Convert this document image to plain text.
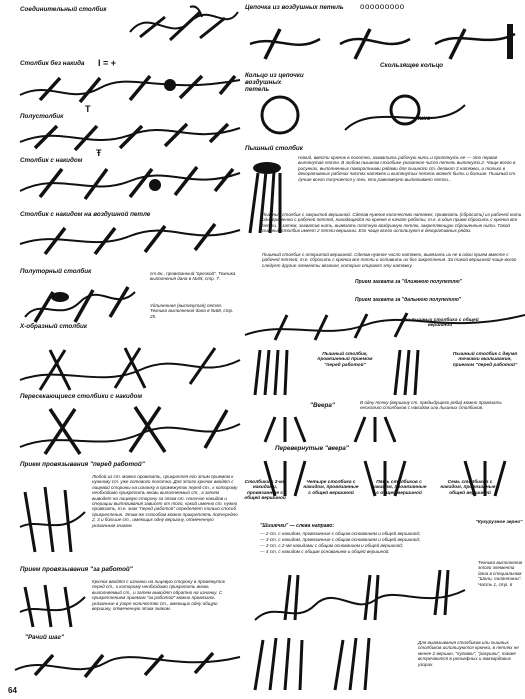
Соединительный столбик
Столбик без накида I = +
Полустолбик
T
Столбик с накидом
Ŧ
Столбик с накидом на воздушной петле
Полуторный столбик	ст.6н., провязанный "врезкой". Техника выполнения дана в №65, стр. 7.
Удлиненная (вытянутая) петля. Техника выполнения дана в №68, стр. 25.
Х-образный столбик
Пересекающиеся столбики с накидом
Прием провязывания "перед работой"
Любой из ст. можно провязать, прикрепляя его этим приемом к нужному ст. уже готового полотна. Для этого крючок вводят с лицевой стороны на изнанку в промежуток перед ст., к которому необходимо прикрепить вновь выполняемый ст., а затем выводят на лицевую сторону за этим ст. Наличие накидов и операции вытягивания зависят от того, какой именно ст. нужно провязать, т.е. знак "перед работой" определяет только способ прикрепления. Этим же способом можно прикреплять поочередно 2, 3 и больше ст., имеющих одну вершину, отмеченную указанным знаком.
Прием провязывания "за работой"
Крючок вводят с изнанки на лицевую сторону в промежуток перед ст., к которому необходимо прикрепить вновь выполняемый ст., и затем выводят обратно на изнанку. С прикреплением приемом "за работой" можно провязать указанные в узоре количество ст., имеющих одну общую вершину, отмеченную этим знаком.
"Рачий шаг"
64
Цепочка из воздушных петель ooooooooo
Кольцо из цепочки воздушных петель
Скользящее кольцо
Пико
Пышный столбик
Накид, ввести крючок в полотно, захватить рабочую нить и протянуть ее — это первая вытянутая петля. В любом пышном столбике указанное число петель вытянуто 2. Чаще всего в рисунках, выполненных поворотными рядами для пышного ст. делают 3 натяжки, и только в декоративных рабочих частях натяжек и вытянутых петель может быть и больше. Пышный ст. лучше всего получается у тех, кто равномерно вытягивает петли...
Пышный столбик с закрытой вершиной. Сделав нужное количество натяжек, провязать (сбросить) из рабочей нити одновременно с рабочей петлей, находящейся на крючке в начале работы, т.е. в один прием сбросить с крючка все петли, а затем, захватив нить, вывязать плотную воздушную петлю, закрепляющую сброшенные нити. Такой пышный столбик имеет 2 петли-вершины. Его чаще всего используют в декоративных рядах.
Пышный столбик с открытой вершиной. Сделав нужное число натяжек, вывязать их не в один прием вместе с рабочей петлей, т.е. сбросить с крючка все петли и оставить их без закрепления. За такой вершиной чаще всего следует другие элементы вязания, которые опирают эту натяжку.
Прием захвата за "ближнюю полупетлю"
Прием захвата за "дальнюю полупетлю"
Три пышных столбика с общей вершиной
Пышный столбик, провязанный приемом "перед работой"
Пышный столбик с двумя точками вкалывания, приемом "перед работой"
"Веера"	В одну точку (вершину ст. предыдущего ряда) можно провязать несколько столбиков с накидом или пышных столбиков.
Перевернутые "веера"
Столбики с 2-мя накидами, провязанные с общей вершиной
Четыре столбика с накидом, провязанные с общей вершиной
Пять столбиков с накидом, провязанные с общей вершиной
Семь столбиков с накидом, провязанные с общей вершиной
"Шишечки" — слева направо:
— 2 ст. с накидом, провязанные с общим основанием и общей вершиной;
— 3 ст. с накидом, провязанные с общим основанием и общей вершиной;
— 3 ст. с 2-мя накидами с общим основанием и общей вершиной;
— 4 ст. с накидом с общим основанием и общей вершиной.
"Кукурузное зерно"
Техника выполнения этого элемента дана в специальном "Шали, палантины". Часть 1, стр. 6
Для вывязывания столбиков или пышных столбиков используются крючки, в петлях не менее 2 вершин, "пуговки", "ракушки", также встречаются в рельефных и жаккардовых узорах.
